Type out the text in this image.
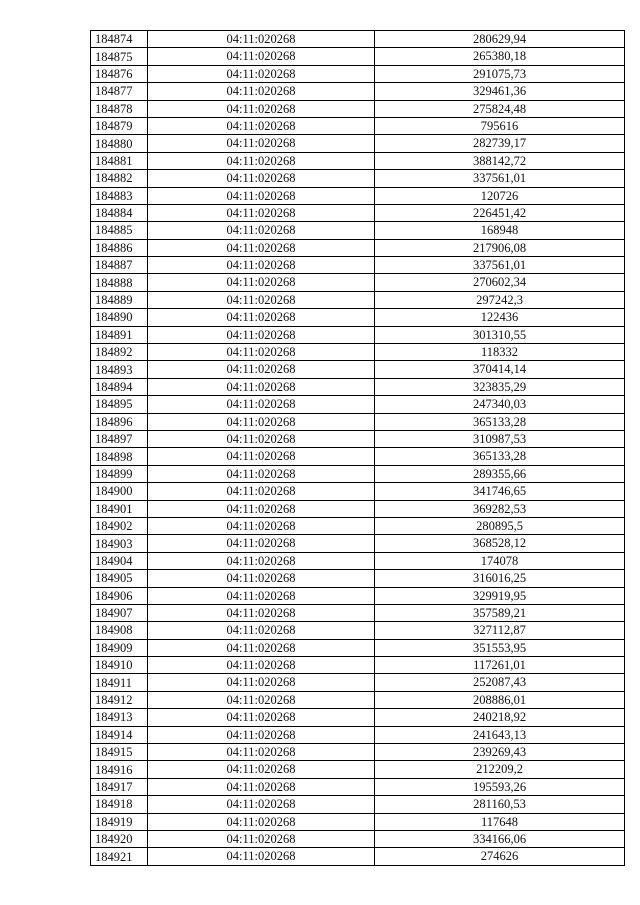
184874	04:11:020268	280629,94
184875	04:11:020268	265380,18
184876	04:11:020268	291075,73
184877	04:11:020268	329461,36
184878	04:11:020268	275824,48
184879	04:11:020268	795616
184880	04:11:020268	282739,17
184881	04:11:020268	388142,72
184882	04:11:020268	337561,01
184883	04:11:020268	120726
184884	04:11:020268	226451,42
184885	04:11:020268	168948
184886	04:11:020268	217906,08
184887	04:11:020268	337561,01
184888	04:11:020268	270602,34
184889	04:11:020268	297242,3
184890	04:11:020268	122436
184891	04:11:020268	301310,55
184892	04:11:020268	118332
184893	04:11:020268	370414,14
184894	04:11:020268	323835,29
184895	04:11:020268	247340,03
184896	04:11:020268	365133,28
184897	04:11:020268	310987,53
184898	04:11:020268	365133,28
184899	04:11:020268	289355,66
184900	04:11:020268	341746,65
184901	04:11:020268	369282,53
184902	04:11:020268	280895,5
184903	04:11:020268	368528,12
184904	04:11:020268	174078
184905	04:11:020268	316016,25
184906	04:11:020268	329919,95
184907	04:11:020268	357589,21
184908	04:11:020268	327112,87
184909	04:11:020268	351553,95
184910	04:11:020268	117261,01
184911	04:11:020268	252087,43
184912	04:11:020268	208886,01
184913	04:11:020268	240218,92
184914	04:11:020268	241643,13
184915	04:11:020268	239269,43
184916	04:11:020268	212209,2
184917	04:11:020268	195593,26
184918	04:11:020268	281160,53
184919	04:11:020268	117648
184920	04:11:020268	334166,06
184921	04:11:020268	274626
